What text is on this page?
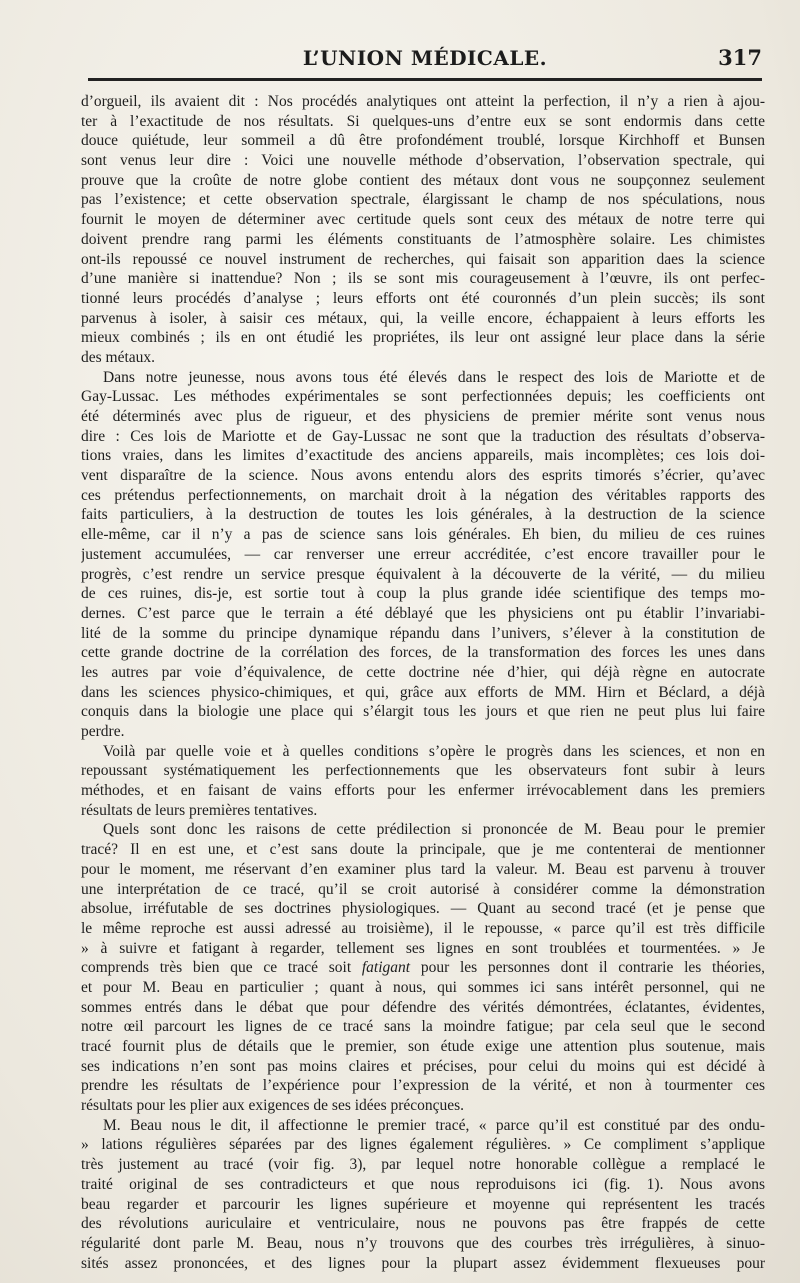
L’UNION MÉDICALE.	317
d’orgueil, ils avaient dit : Nos procédés analytiques ont atteint la perfection, il n’y a rien à ajou-
ter à l’exactitude de nos résultats. Si quelques-uns d’entre eux se sont endormis dans cette
douce quiétude, leur sommeil a dû être profondément troublé, lorsque Kirchhoff et Bunsen
sont venus leur dire : Voici une nouvelle méthode d’observation, l’observation spectrale, qui
prouve que la croûte de notre globe contient des métaux dont vous ne soupçonnez seulement
pas l’existence; et cette observation spectrale, élargissant le champ de nos spéculations, nous
fournit le moyen de déterminer avec certitude quels sont ceux des métaux de notre terre qui
doivent prendre rang parmi les éléments constituants de l’atmosphère solaire. Les chimistes
ont-ils repoussé ce nouvel instrument de recherches, qui faisait son apparition daes la science
d’une manière si inattendue? Non ; ils se sont mis courageusement à l’œuvre, ils ont perfec-
tionné leurs procédés d’analyse ; leurs efforts ont été couronnés d’un plein succès; ils sont
parvenus à isoler, à saisir ces métaux, qui, la veille encore, échappaient à leurs efforts les
mieux combinés ; ils en ont étudié les propriétes, ils leur ont assigné leur place dans la série
des métaux.
Dans notre jeunesse, nous avons tous été élevés dans le respect des lois de Mariotte et de
Gay-Lussac. Les méthodes expérimentales se sont perfectionnées depuis; les coefficients ont
été déterminés avec plus de rigueur, et des physiciens de premier mérite sont venus nous
dire : Ces lois de Mariotte et de Gay-Lussac ne sont que la traduction des résultats d’observa-
tions vraies, dans les limites d’exactitude des anciens appareils, mais incomplètes; ces lois doi-
vent disparaître de la science. Nous avons entendu alors des esprits timorés s’écrier, qu’avec
ces prétendus perfectionnements, on marchait droit à la négation des véritables rapports des
faits particuliers, à la destruction de toutes les lois générales, à la destruction de la science
elle-même, car il n’y a pas de science sans lois générales. Eh bien, du milieu de ces ruines
justement accumulées, — car renverser une erreur accréditée, c’est encore travailler pour le
progrès, c’est rendre un service presque équivalent à la découverte de la vérité, — du milieu
de ces ruines, dis-je, est sortie tout à coup la plus grande idée scientifique des temps mo-
dernes. C’est parce que le terrain a été déblayé que les physiciens ont pu établir l’invariabi-
lité de la somme du principe dynamique répandu dans l’univers, s’élever à la constitution de
cette grande doctrine de la corrélation des forces, de la transformation des forces les unes dans
les autres par voie d’équivalence, de cette doctrine née d’hier, qui déjà règne en autocrate
dans les sciences physico-chimiques, et qui, grâce aux efforts de MM. Hirn et Béclard, a déjà
conquis dans la biologie une place qui s’élargit tous les jours et que rien ne peut plus lui faire
perdre.
Voilà par quelle voie et à quelles conditions s’opère le progrès dans les sciences, et non en
repoussant systématiquement les perfectionnements que les observateurs font subir à leurs
méthodes, et en faisant de vains efforts pour les enfermer irrévocablement dans les premiers
résultats de leurs premières tentatives.
Quels sont donc les raisons de cette prédilection si prononcée de M. Beau pour le premier
tracé? Il en est une, et c’est sans doute la principale, que je me contenterai de mentionner
pour le moment, me réservant d’en examiner plus tard la valeur. M. Beau est parvenu à trouver
une interprétation de ce tracé, qu’il se croit autorisé à considérer comme la démonstration
absolue, irréfutable de ses doctrines physiologiques. — Quant au second tracé (et je pense que
le même reproche est aussi adressé au troisième), il le repousse, « parce qu’il est très difficile
» à suivre et fatigant à regarder, tellement ses lignes en sont troublées et tourmentées. » Je
comprends très bien que ce tracé soit fatigant pour les personnes dont il contrarie les théories,
et pour M. Beau en particulier ; quant à nous, qui sommes ici sans intérêt personnel, qui ne
sommes entrés dans le débat que pour défendre des vérités démontrées, éclatantes, évidentes,
notre œil parcourt les lignes de ce tracé sans la moindre fatigue; par cela seul que le second
tracé fournit plus de détails que le premier, son étude exige une attention plus soutenue, mais
ses indications n’en sont pas moins claires et précises, pour celui du moins qui est décidé à
prendre les résultats de l’expérience pour l’expression de la vérité, et non à tourmenter ces
résultats pour les plier aux exigences de ses idées préconçues.
M. Beau nous le dit, il affectionne le premier tracé, « parce qu’il est constitué par des ondu-
» lations régulières séparées par des lignes également régulières. » Ce compliment s’applique
très justement au tracé (voir fig. 3), par lequel notre honorable collègue a remplacé le
traité original de ses contradicteurs et que nous reproduisons ici (fig. 1). Nous avons
beau regarder et parcourir les lignes supérieure et moyenne qui représentent les tracés
des révolutions auriculaire et ventriculaire, nous ne pouvons pas être frappés de cette
régularité dont parle M. Beau, nous n’y trouvons que des courbes très irrégulières, à sinuo-
sités assez prononcées, et des lignes pour la plupart assez évidemment flexueuses pour
